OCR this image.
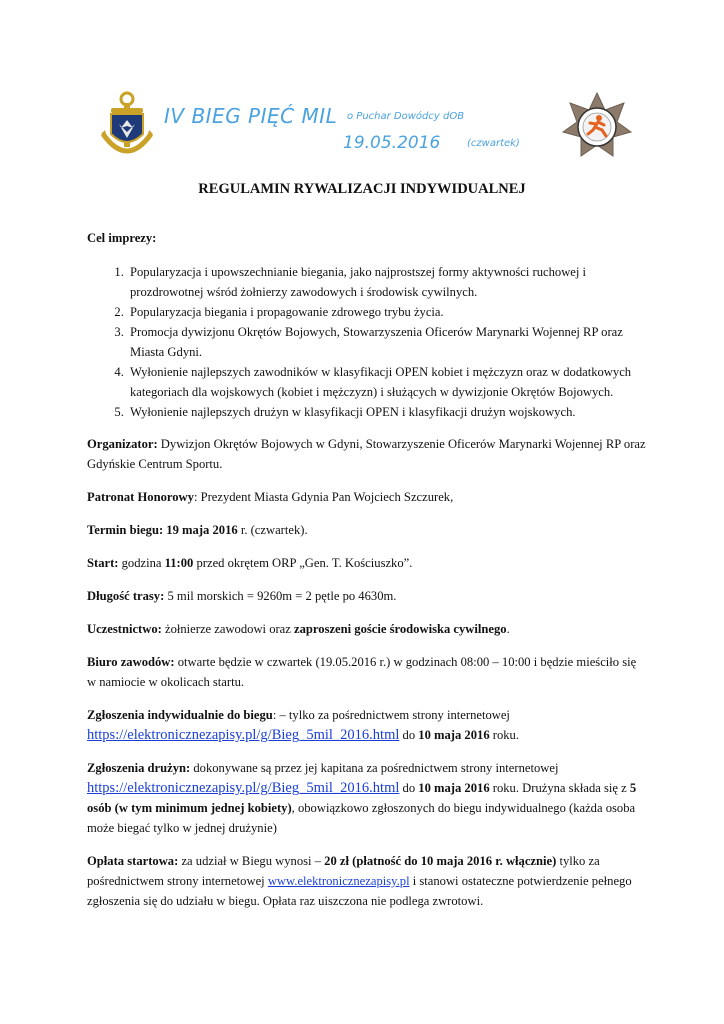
IV BIEG PIĘĆ MIL o Puchar Dowódcy dOB
19.05.2016	(czwartek)
REGULAMIN RYWALIZACJI INDYWIDUALNEJ
Cel imprezy:
1. Popularyzacja i upowszechnianie biegania, jako najprostszej formy aktywności ruchowej i prozdrowotnej wśród żołnierzy zawodowych i środowisk cywilnych.
2. Popularyzacja biegania i propagowanie zdrowego trybu życia.
3. Promocja dywizjonu Okrętów Bojowych, Stowarzyszenia Oficerów Marynarki Wojennej RP oraz Miasta Gdyni.
4. Wyłonienie najlepszych zawodników w klasyfikacji OPEN kobiet i mężczyzn oraz w dodatkowych kategoriach dla wojskowych (kobiet i mężczyzn) i służących w dywizjonie Okrętów Bojowych.
5. Wyłonienie najlepszych drużyn w klasyfikacji OPEN i klasyfikacji drużyn wojskowych.

Organizator: Dywizjon Okrętów Bojowych w Gdyni, Stowarzyszenie Oficerów Marynarki Wojennej RP oraz Gdyńskie Centrum Sportu.

Patronat Honorowy: Prezydent Miasta Gdynia Pan Wojciech Szczurek,

Termin biegu: 19 maja 2016 r. (czwartek).

Start: godzina 11:00 przed okrętem ORP „Gen. T. Kościuszko”.

Długość trasy: 5 mil morskich = 9260m = 2 pętle po 4630m.

Uczestnictwo: żołnierze zawodowi oraz zaproszeni goście środowiska cywilnego.

Biuro zawodów: otwarte będzie w czwartek (19.05.2016 r.) w godzinach 08:00 – 10:00 i będzie mieściło się w namiocie w okolicach startu.

Zgłoszenia indywidualnie do biegu: – tylko za pośrednictwem strony internetowej
https://elektronicznezapisy.pl/g/Bieg_5mil_2016.html do 10 maja 2016 roku.

Zgłoszenia drużyn: dokonywane są przez jej kapitana za pośrednictwem strony internetowej
https://elektronicznezapisy.pl/g/Bieg_5mil_2016.html do 10 maja 2016 roku. Drużyna składa się z 5 osób (w tym minimum jednej kobiety), obowiązkowo zgłoszonych do biegu indywidualnego (każda osoba może biegać tylko w jednej drużynie)

Opłata startowa: za udział w Biegu wynosi – 20 zł (płatność do 10 maja 2016 r. włącznie) tylko za pośrednictwem strony internetowej www.elektronicznezapisy.pl i stanowi ostateczne potwierdzenie pełnego zgłoszenia się do udziału w biegu. Opłata raz uiszczona nie podlega zwrotowi.
